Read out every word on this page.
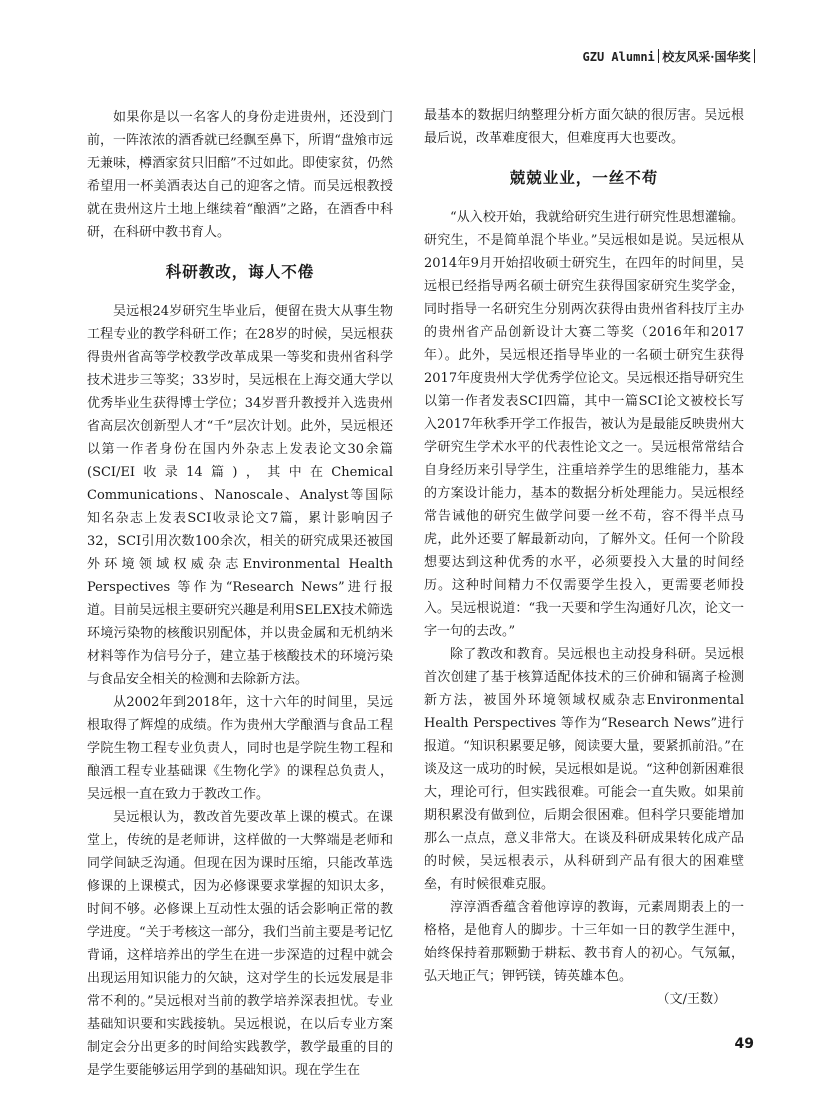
GZU Alumni 校友风采·国华奖

如果你是以一名客人的身份走进贵州，还没到门前，一阵浓浓的酒香就已经飘至鼻下，所谓“盘飧市远无兼味，樽酒家贫只旧醅”不过如此。即使家贫，仍然希望用一杯美酒表达自己的迎客之情。而吴远根教授就在贵州这片土地上继续着“酿酒”之路，在酒香中科研，在科研中教书育人。

科研教改，诲人不倦

吴远根24岁研究生毕业后，便留在贵大从事生物工程专业的教学科研工作；在28岁的时候，吴远根获得贵州省高等学校教学改革成果一等奖和贵州省科学技术进步三等奖；33岁时，吴远根在上海交通大学以优秀毕业生获得博士学位；34岁晋升教授并入选贵州省高层次创新型人才“千”层次计划。此外，吴远根还以第一作者身份在国内外杂志上发表论文30余篇(SCI/EI收录14篇)，其中在Chemical Communications、Nanoscale、Analyst等国际知名杂志上发表SCI收录论文7篇，累计影响因子32，SCI引用次数100余次，相关的研究成果还被国外环境领域权威杂志Environmental Health Perspectives 等作为“Research News”进行报道。目前吴远根主要研究兴趣是利用SELEX技术筛选环境污染物的核酸识别配体，并以贵金属和无机纳米材料等作为信号分子，建立基于核酸技术的环境污染与食品安全相关的检测和去除新方法。

从2002年到2018年，这十六年的时间里，吴远根取得了辉煌的成绩。作为贵州大学酿酒与食品工程学院生物工程专业负责人，同时也是学院生物工程和酿酒工程专业基础课《生物化学》的课程总负责人，吴远根一直在致力于教改工作。

吴远根认为，教改首先要改革上课的模式。在课堂上，传统的是老师讲，这样做的一大弊端是老师和同学间缺乏沟通。但现在因为课时压缩，只能改革选修课的上课模式，因为必修课要求掌握的知识太多，时间不够。必修课上互动性太强的话会影响正常的教学进度。“关于考核这一部分，我们当前主要是考记忆背诵，这样培养出的学生在进一步深造的过程中就会出现运用知识能力的欠缺，这对学生的长远发展是非常不利的。”吴远根对当前的教学培养深表担忧。专业基础知识要和实践接轨。吴远根说，在以后专业方案制定会分出更多的时间给实践教学，教学最重的目的是学生要能够运用学到的基础知识。现在学生在

最基本的数据归纳整理分析方面欠缺的很厉害。吴远根最后说，改革难度很大，但难度再大也要改。

兢兢业业，一丝不苟

“从入校开始，我就给研究生进行研究性思想灌输。研究生，不是简单混个毕业。”吴远根如是说。吴远根从2014年9月开始招收硕士研究生，在四年的时间里，吴远根已经指导两名硕士研究生获得国家研究生奖学金，同时指导一名研究生分别两次获得由贵州省科技厅主办的贵州省产品创新设计大赛二等奖（2016年和2017年）。此外，吴远根还指导毕业的一名硕士研究生获得2017年度贵州大学优秀学位论文。吴远根还指导研究生以第一作者发表SCI四篇，其中一篇SCI论文被校长写入2017年秋季开学工作报告，被认为是最能反映贵州大学研究生学术水平的代表性论文之一。吴远根常常结合自身经历来引导学生，注重培养学生的思维能力，基本的方案设计能力，基本的数据分析处理能力。吴远根经常告诫他的研究生做学问要一丝不苟，容不得半点马虎，此外还要了解最新动向，了解外文。任何一个阶段想要达到这种优秀的水平，必须要投入大量的时间经历。这种时间精力不仅需要学生投入，更需要老师投入。吴远根说道：“我一天要和学生沟通好几次，论文一字一句的去改。”

除了教改和教育。吴远根也主动投身科研。吴远根首次创建了基于核算适配体技术的三价砷和镉离子检测新方法，被国外环境领域权威杂志Environmental Health Perspectives 等作为“Research News”进行报道。“知识积累要足够，阅读要大量，要紧抓前沿。”在谈及这一成功的时候，吴远根如是说。“这种创新困难很大，理论可行，但实践很难。可能会一直失败。如果前期积累没有做到位，后期会很困难。但科学只要能增加那么一点点，意义非常大。在谈及科研成果转化成产品的时候，吴远根表示，从科研到产品有很大的困难壁垒，有时候很难克服。

淳淳酒香蕴含着他谆谆的教诲，元素周期表上的一格格，是他育人的脚步。十三年如一日的教学生涯中，始终保持着那颗勤于耕耘、教书育人的初心。气氖氟，弘天地正气；钾钙镁，铸英雄本色。

（文/王数）

49
